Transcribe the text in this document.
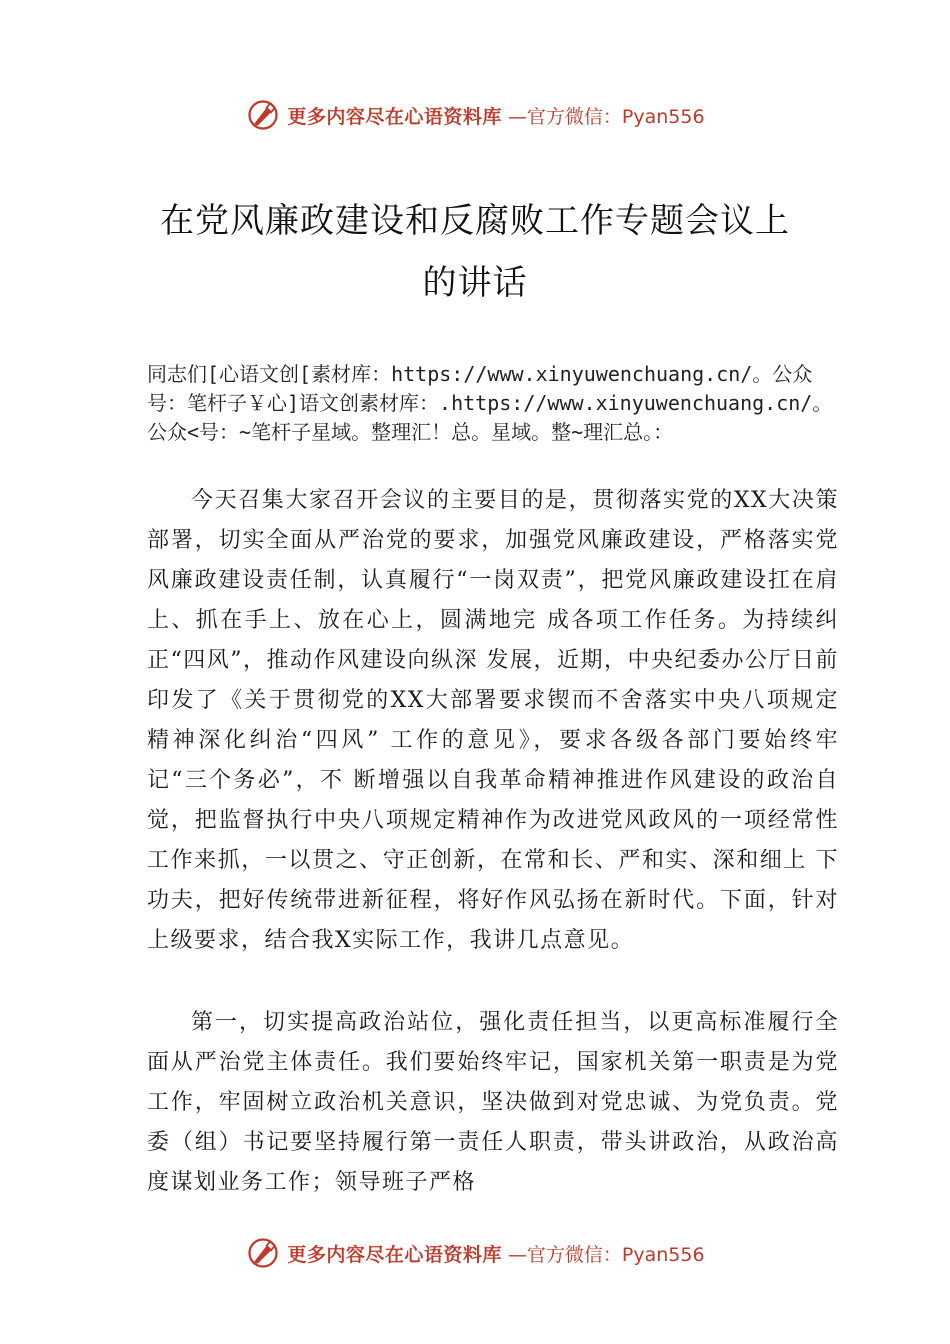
更多内容尽在心语资料库 —官方微信：Pyan556
在党风廉政建设和反腐败工作专题会议上
的讲话
同志们[心语文创[素材库：https://www.xinyuwenchuang.cn/。公众号：笔杆子￥心]语文创素材库：.https://www.xinyuwenchuang.cn/。公众<号：~笔杆子星域。整理汇！总。星域。整~理汇总。：
今天召集大家召开会议的主要目的是，贯彻落实党的XX大决策部署，切实全面从严治党的要求，加强党风廉政建设，严格落实党风廉政建设责任制，认真履行“一岗双责”，把党风廉政建设扛在肩上、抓在手上、放在心上，圆满地完 成各项工作任务。为持续纠正“四风”，推动作风建设向纵深 发展，近期，中央纪委办公厅日前印发了《关于贯彻党的XX大部署要求锲而不舍落实中央八项规定精神深化纠治“四风” 工作的意见》，要求各级各部门要始终牢记“三个务必”，不 断增强以自我革命精神推进作风建设的政治自觉，把监督执行中央八项规定精神作为改进党风政风的一项经常性工作来抓，一以贯之、守正创新，在常和长、严和实、深和细上 下功夫，把好传统带进新征程，将好作风弘扬在新时代。下面，针对上级要求，结合我X实际工作，我讲几点意见。
第一，切实提高政治站位，强化责任担当，以更高标准履行全面从严治党主体责任。我们要始终牢记，国家机关第一职责是为党工作，牢固树立政治机关意识，坚决做到对党忠诚、为党负责。党委（组）书记要坚持履行第一责任人职责，带头讲政治，从政治高度谋划业务工作；领导班子严格
更多内容尽在心语资料库 —官方微信：Pyan556
